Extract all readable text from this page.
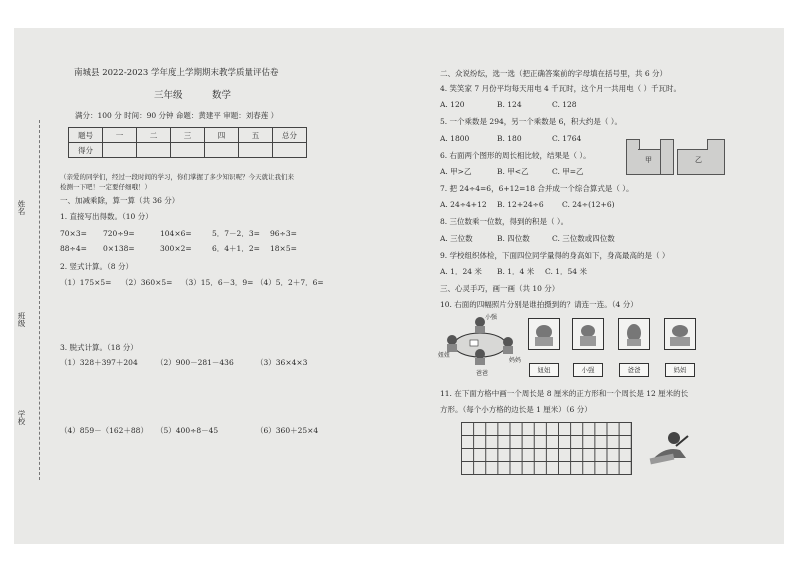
姓名
班级
学校
南城县 2022-2023 学年度上学期期末教学质量评估卷
三年级	数学
满分：100 分 时间：90 分钟 命题：黄建平 审题：刘春莲 ）
题号	一	二	三	四	五	总分
得分						
（亲爱的同学们，经过一段时间的学习，你们掌握了多少知识呢？今天就让我们来
检测一下吧！一定要仔细哦！）
一、加减乘除，算一算（共 36 分）
1. 直接写出得数。（10 分）
70×3= 720÷9=	104×6=	5．7－2．3= 96÷3=
88÷4= 0×138=	300×2=	6．4＋1．2= 18×5=
2. 竖式计算。（8 分）
（1）175×5= （2）360×5= （3）15．6－3．9= （4）5．2＋7．6=
3. 脱式计算。（18 分）
（1）328＋397＋204 （2）900－281－436	（3）36×4×3
（4）859－（162＋88） （5）400÷8－45	（6）360＋25×4
二、众说纷纭，选一选（把正确答案前的字母填在括号里，共 6 分）
4. 笑笑家 7 月份平均每天用电 4 千瓦时，这个月一共用电（ ）千瓦时。
A. 120	B. 124	C. 128
5. 一个乘数是 294，另一个乘数是 6，积大约是（ ）。
A. 1800	B. 180	C. 1764
6. 右面两个图形的周长相比较，结果是（ ）。
A. 甲>乙	B. 甲<乙	C. 甲=乙
甲	乙
7. 把 24÷4=6，6+12=18 合并成一个综合算式是（ ）。
A. 24÷4+12 B. 12+24÷6 C. 24÷(12+6)
8. 三位数乘一位数，得到的积是（ ）。
A. 三位数	B. 四位数	C. 三位数或四位数
9. 学校组织体检，下面四位同学量得的身高如下，身高最高的是（ ）
A. 1．24 米 B. 1．4 米 C. 1．54 米
三、心灵手巧，画一画（共 10 分）
10. 右面的四幅照片分别是谁拍摄到的？请连一连。（4 分）
小强
妞妞
爸爸
妈妈
妞妞	小强	爸爸	妈妈
11. 在下面方格中画一个周长是 8 厘米的正方形和一个周长是 12 厘米的长
方形。（每个小方格的边长是 1 厘米）（6 分）
